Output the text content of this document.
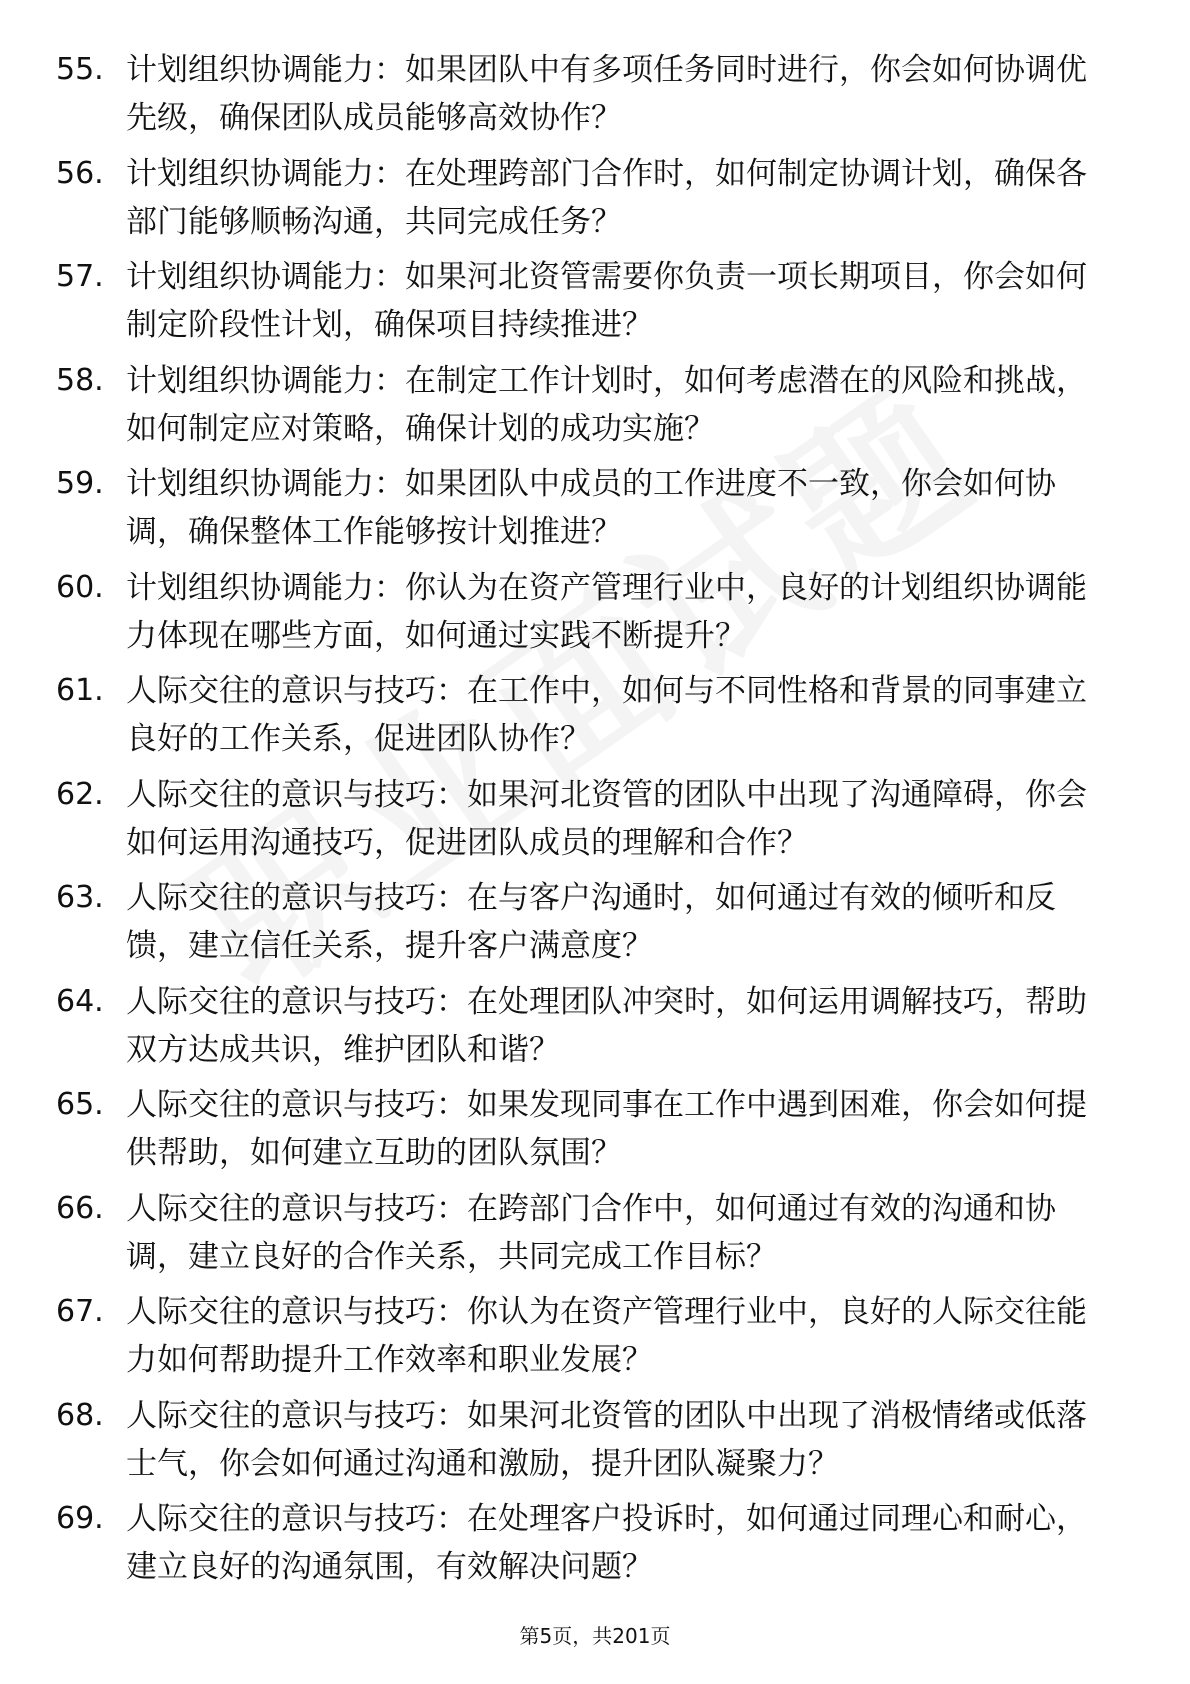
55. 计划组织协调能力：如果团队中有多项任务同时进行，你会如何协调优先级，确保团队成员能够高效协作？
56. 计划组织协调能力：在处理跨部门合作时，如何制定协调计划，确保各部门能够顺畅沟通，共同完成任务？
57. 计划组织协调能力：如果河北资管需要你负责一项长期项目，你会如何制定阶段性计划，确保项目持续推进？
58. 计划组织协调能力：在制定工作计划时，如何考虑潜在的风险和挑战，如何制定应对策略，确保计划的成功实施？
59. 计划组织协调能力：如果团队中成员的工作进度不一致，你会如何协调，确保整体工作能够按计划推进？
60. 计划组织协调能力：你认为在资产管理行业中，良好的计划组织协调能力体现在哪些方面，如何通过实践不断提升？
61. 人际交往的意识与技巧：在工作中，如何与不同性格和背景的同事建立良好的工作关系，促进团队协作？
62. 人际交往的意识与技巧：如果河北资管的团队中出现了沟通障碍，你会如何运用沟通技巧，促进团队成员的理解和合作？
63. 人际交往的意识与技巧：在与客户沟通时，如何通过有效的倾听和反馈，建立信任关系，提升客户满意度？
64. 人际交往的意识与技巧：在处理团队冲突时，如何运用调解技巧，帮助双方达成共识，维护团队和谐？
65. 人际交往的意识与技巧：如果发现同事在工作中遇到困难，你会如何提供帮助，如何建立互助的团队氛围？
66. 人际交往的意识与技巧：在跨部门合作中，如何通过有效的沟通和协调，建立良好的合作关系，共同完成工作目标？
67. 人际交往的意识与技巧：你认为在资产管理行业中，良好的人际交往能力如何帮助提升工作效率和职业发展？
68. 人际交往的意识与技巧：如果河北资管的团队中出现了消极情绪或低落士气，你会如何通过沟通和激励，提升团队凝聚力？
69. 人际交往的意识与技巧：在处理客户投诉时，如何通过同理心和耐心，建立良好的沟通氛围，有效解决问题？
第5页，共201页
